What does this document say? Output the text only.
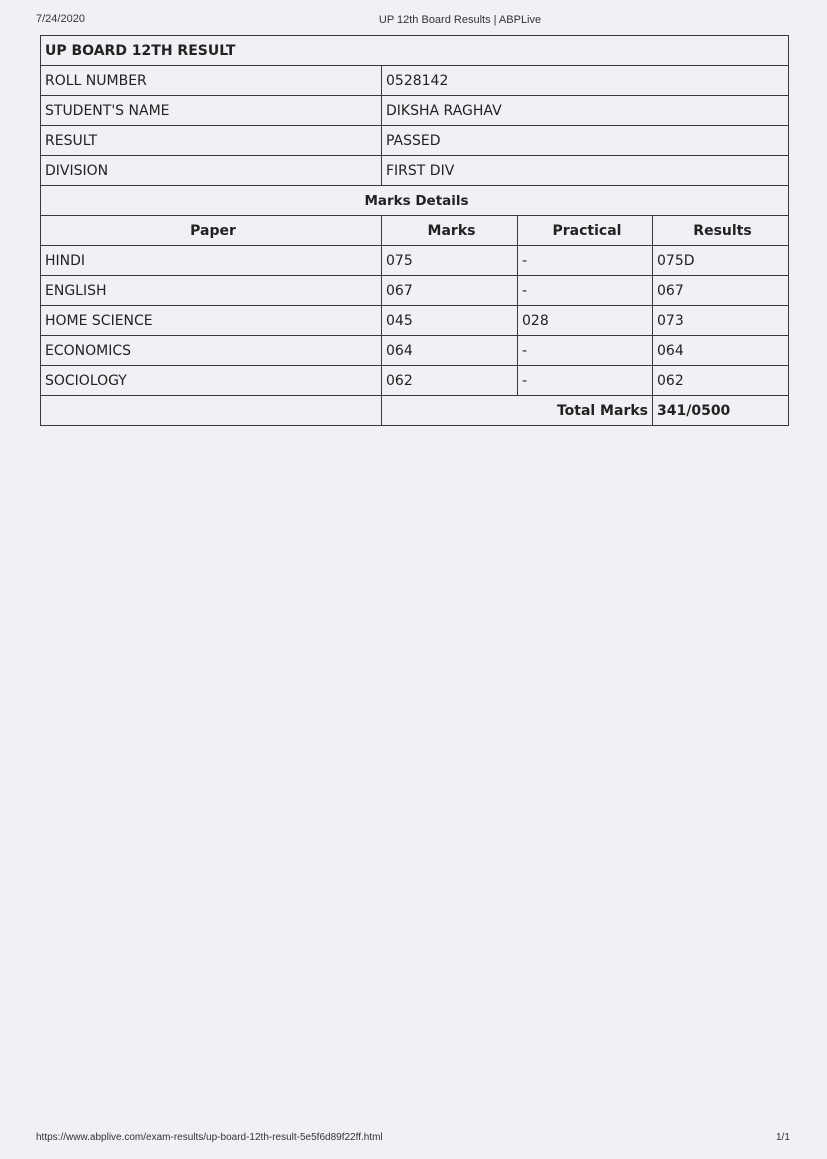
7/24/2020	UP 12th Board Results | ABPLive
UP BOARD 12TH RESULT			
ROLL NUMBER	0528142		
STUDENT'S NAME	DIKSHA RAGHAV		
RESULT	PASSED		
DIVISION	FIRST DIV		
Marks Details			
Paper	Marks	Practical	Results
HINDI	075	-	075D
ENGLISH	067	-	067
HOME SCIENCE	045	028	073
ECONOMICS	064	-	064
SOCIOLOGY	062	-	062
	Total Marks		341/0500
https://www.abplive.com/exam-results/up-board-12th-result-5e5f6d89f22ff.html	1/1
